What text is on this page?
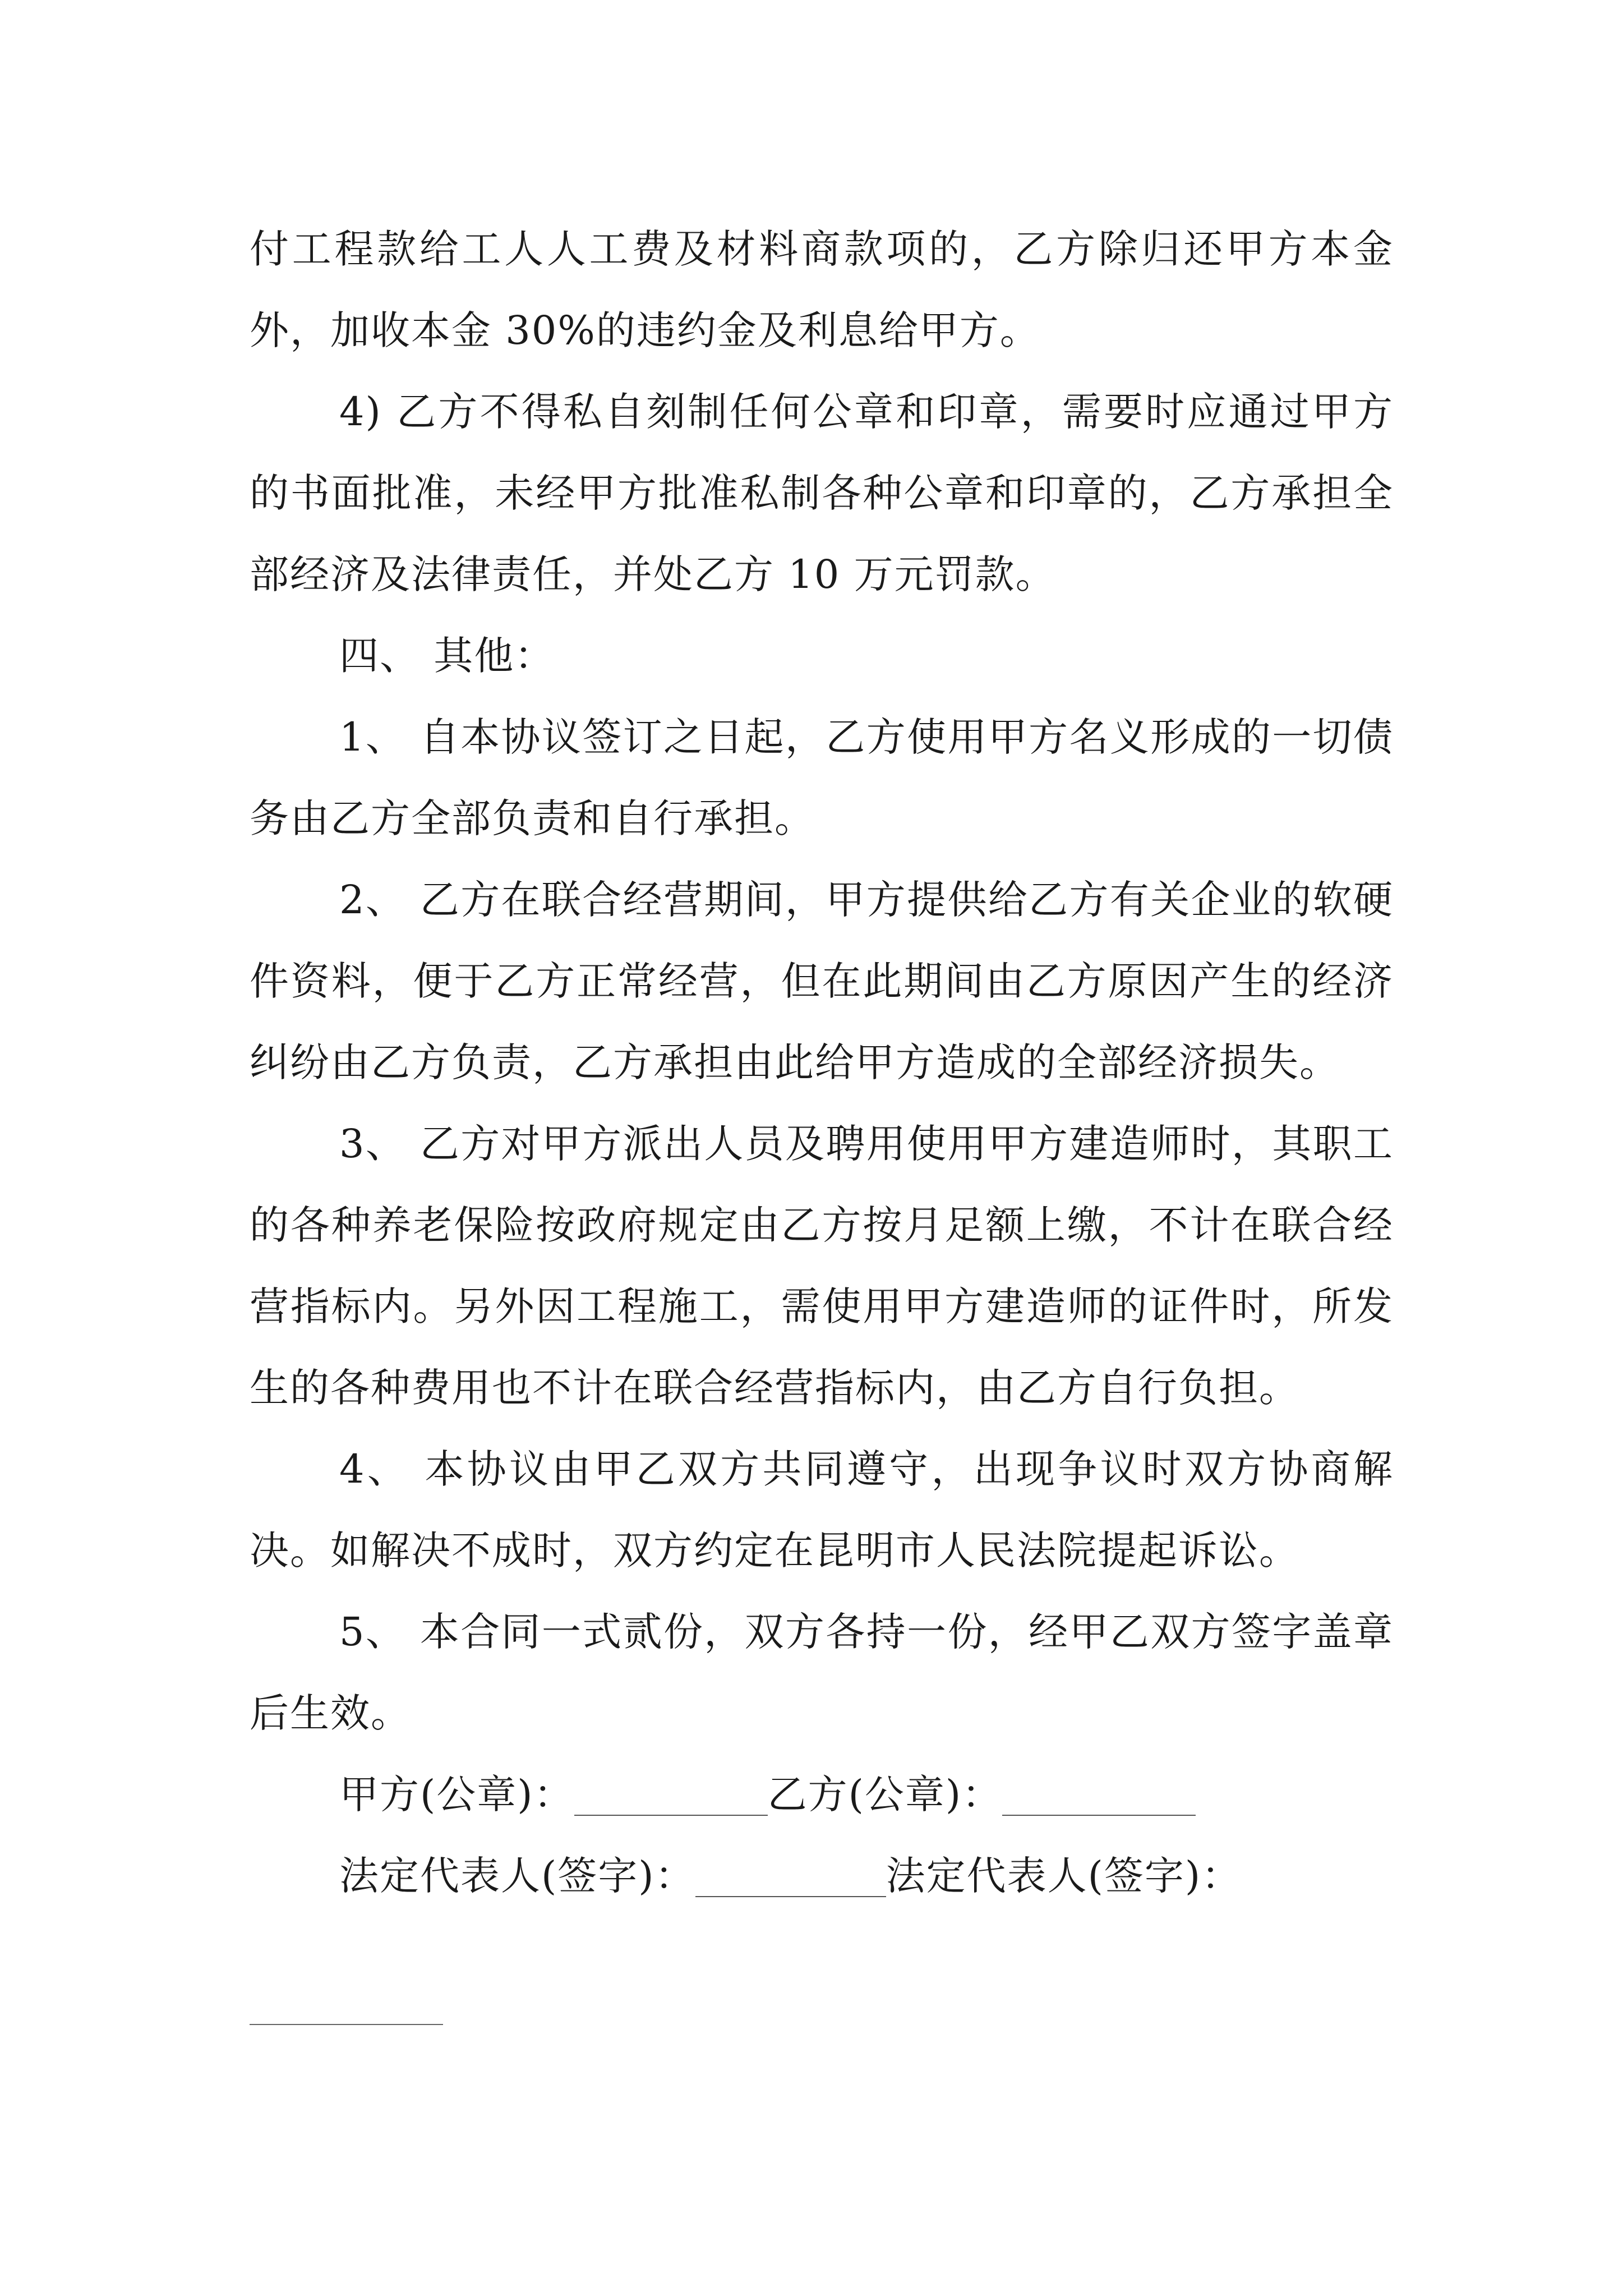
付工程款给工人人工费及材料商款项的，乙方除归还甲方本金外，加收本金 30%的违约金及利息给甲方。

4) 乙方不得私自刻制任何公章和印章，需要时应通过甲方的书面批准，未经甲方批准私制各种公章和印章的，乙方承担全部经济及法律责任，并处乙方 10 万元罚款。

四、 其他：

1、 自本协议签订之日起，乙方使用甲方名义形成的一切债务由乙方全部负责和自行承担。

2、 乙方在联合经营期间，甲方提供给乙方有关企业的软硬件资料，便于乙方正常经营，但在此期间由乙方原因产生的经济纠纷由乙方负责，乙方承担由此给甲方造成的全部经济损失。

3、 乙方对甲方派出人员及聘用使用甲方建造师时，其职工的各种养老保险按政府规定由乙方按月足额上缴，不计在联合经营指标内。另外因工程施工，需使用甲方建造师的证件时，所发生的各种费用也不计在联合经营指标内，由乙方自行负担。

4、 本协议由甲乙双方共同遵守，出现争议时双方协商解决。如解决不成时，双方约定在昆明市人民法院提起诉讼。

5、 本合同一式贰份，双方各持一份，经甲乙双方签字盖章后生效。

甲方(公章)：	乙方(公章)：

法定代表人(签字)：	法定代表人(签字)：
